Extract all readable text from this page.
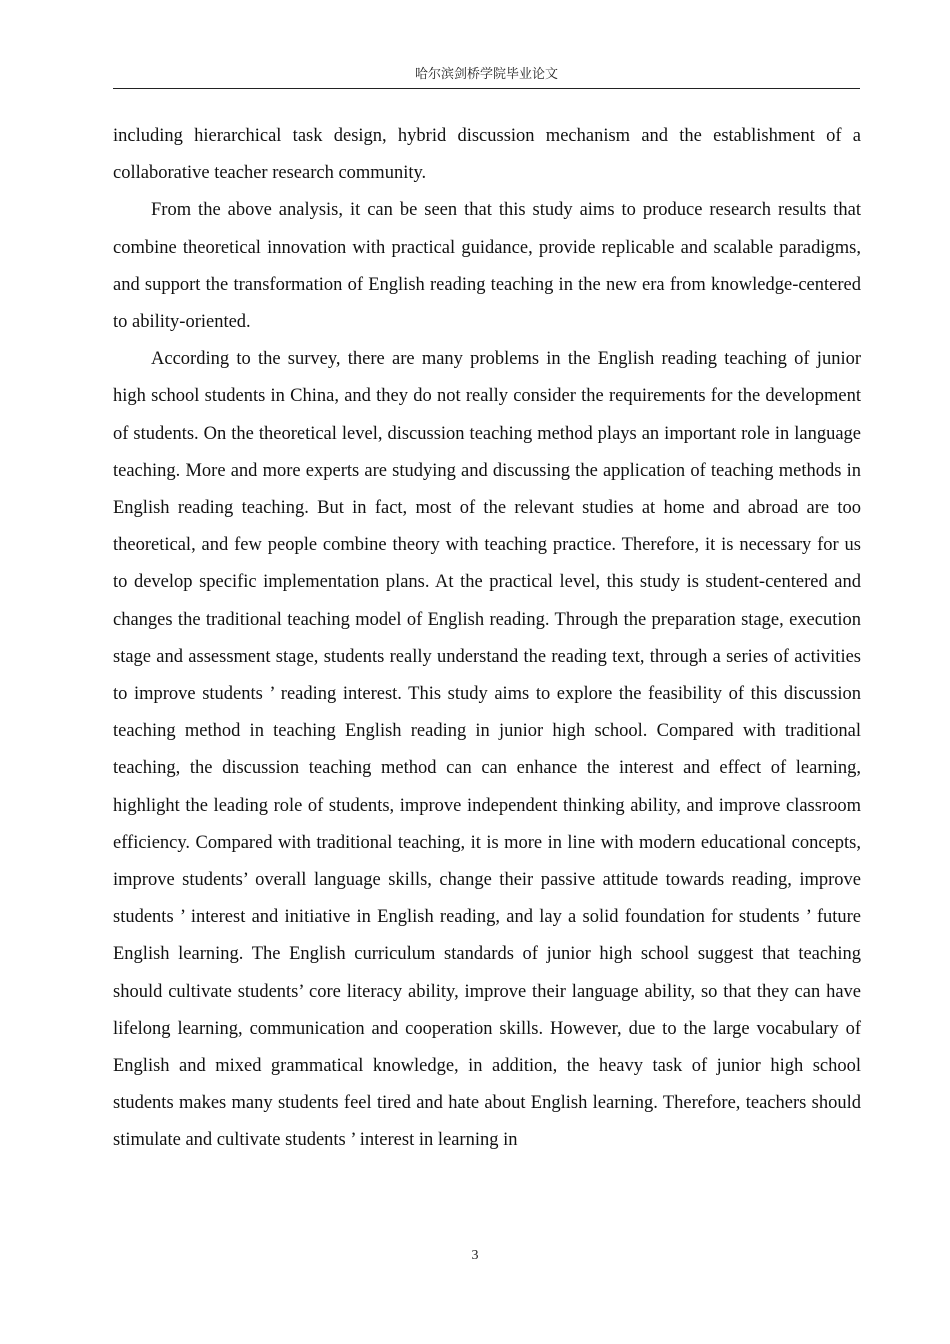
哈尔滨剑桥学院毕业论文

including hierarchical task design, hybrid discussion mechanism and the establishment of a collaborative teacher research community.

From the above analysis, it can be seen that this study aims to produce research results that combine theoretical innovation with practical guidance, provide replicable and scalable paradigms, and support the transformation of English reading teaching in the new era from knowledge-centered to ability-oriented.

According to the survey, there are many problems in the English reading teaching of junior high school students in China, and they do not really consider the requirements for the development of students. On the theoretical level, discussion teaching method plays an important role in language teaching. More and more experts are studying and discussing the application of teaching methods in English reading teaching. But in fact, most of the relevant studies at home and abroad are too theoretical, and few people combine theory with teaching practice. Therefore, it is necessary for us to develop specific implementation plans. At the practical level, this study is student-centered and changes the traditional teaching model of English reading. Through the preparation stage, execution stage and assessment stage, students really understand the reading text, through a series of activities to improve students ’ reading interest. This study aims to explore the feasibility of this discussion teaching method in teaching English reading in junior high school. Compared with traditional teaching, the discussion teaching method can can enhance the interest and effect of learning, highlight the leading role of students, improve independent thinking ability, and improve classroom efficiency. Compared with traditional teaching, it is more in line with modern educational concepts, improve students’ overall language skills, change their passive attitude towards reading, improve students ’ interest and initiative in English reading, and lay a solid foundation for students ’ future English learning. The English curriculum standards of junior high school suggest that teaching should cultivate students’ core literacy ability, improve their language ability, so that they can have lifelong learning, communication and cooperation skills. However, due to the large vocabulary of English and mixed grammatical knowledge, in addition, the heavy task of junior high school students makes many students feel tired and hate about English learning. Therefore, teachers should stimulate and cultivate students ’ interest in learning in

3
